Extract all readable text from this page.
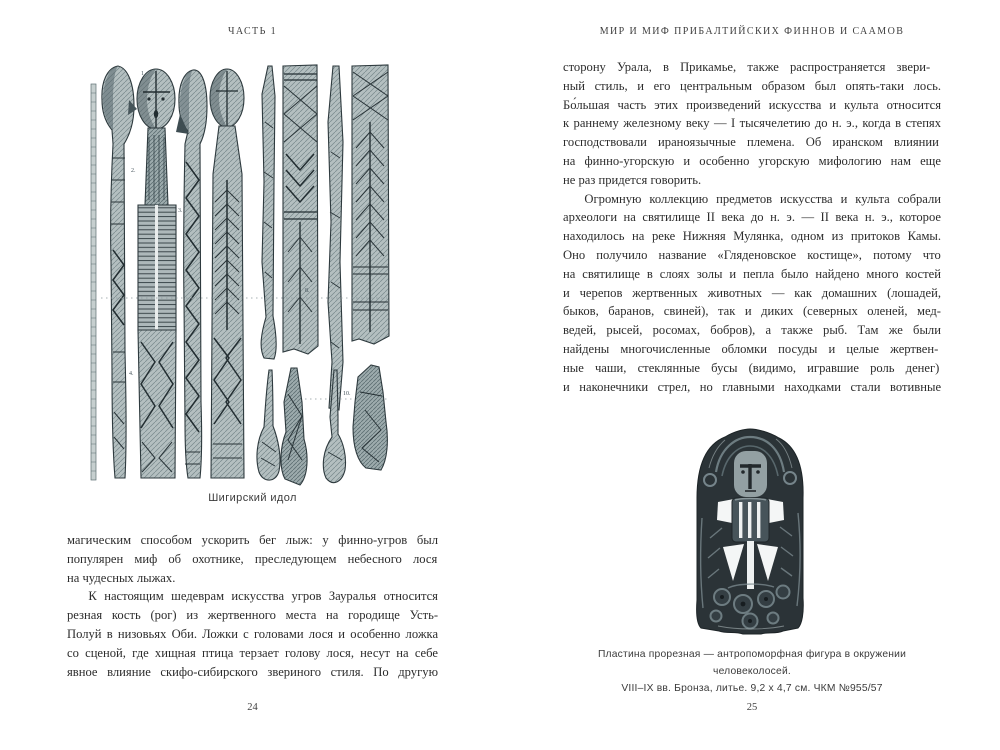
ЧАСТЬ 1
1.
2.
3.
4.
8.
10.
Шигирский идол
магическим способом ускорить бег лыж: у финно-угров был
популярен миф об охотнике, преследующем небесного лося
на чудесных лыжах.
К настоящим шедеврам искусства угров Зауралья относится
резная кость (рог) из жертвенного места на городище Усть-
Полуй в низовьях Оби. Ложки с головами лося и особенно ложка
со сценой, где хищная птица терзает голову лося, несут на себе
явное влияние скифо-сибирского звериного стиля. По другую
24
МИР И МИФ ПРИБАЛТИЙСКИХ ФИННОВ И СААМОВ
сторону Урала, в Прикамье, также распространяется звери-
ный стиль, и его центральным образом был опять-таки лось.
Бо́льшая часть этих произведений искусства и культа относится
к раннему железному веку — I тысячелетию до н. э., когда в степях
господствовали ираноязычные племена. Об иранском влиянии
на финно-угорскую и особенно угорскую мифологию нам еще
не раз придется говорить.
Огромную коллекцию предметов искусства и культа собрали
археологи на святилище II века до н. э. — II века н. э., которое
находилось на реке Нижняя Мулянка, одном из притоков Камы.
Оно получило название «Гляденовское костище», потому что
на святилище в слоях золы и пепла было найдено много костей
и черепов жертвенных животных — как домашних (лошадей,
быков, баранов, свиней), так и диких (северных оленей, мед-
ведей, рысей, росомах, бобров), а также рыб. Там же были
найдены многочисленные обломки посуды и целые жертвен-
ные чаши, стеклянные бусы (видимо, игравшие роль денег)
и наконечники стрел, но главными находками стали вотивные
Пластина прорезная — антропоморфная фигура в окружении человеколосей.
VIII–IX вв. Бронза, литье. 9,2 х 4,7 см. ЧКМ №955/57
25
